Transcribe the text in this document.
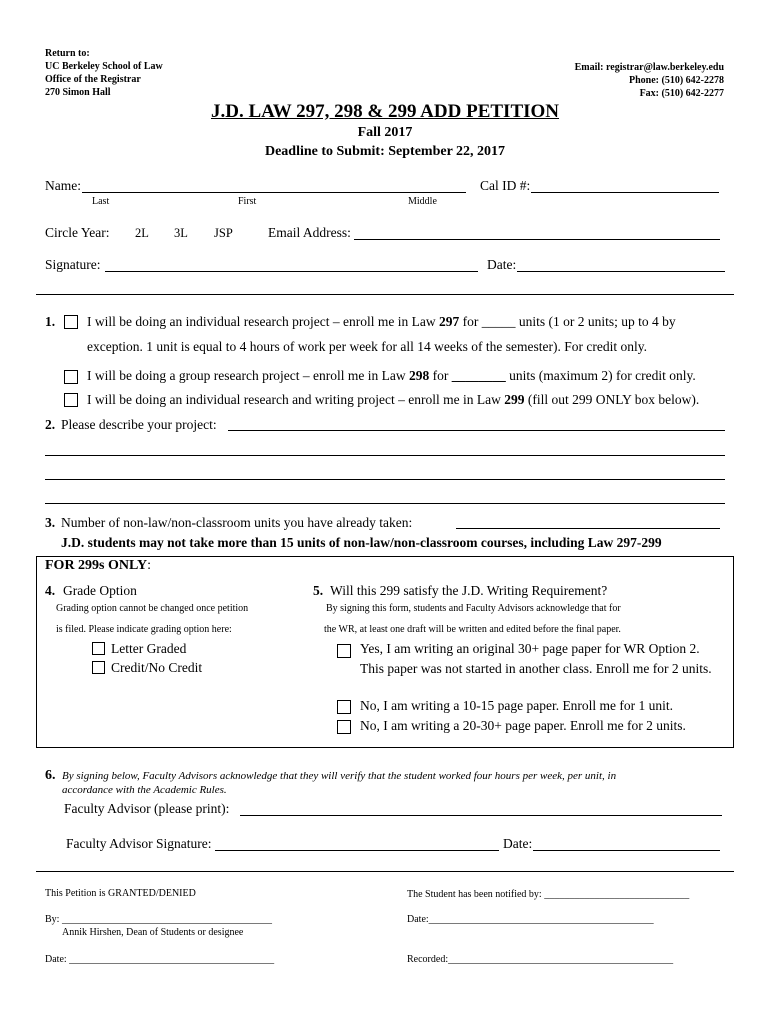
Return to:
UC Berkeley School of Law
Office of the Registrar
270 Simon Hall
Email: registrar@law.berkeley.edu
Phone: (510) 642-2278
Fax: (510) 642-2277
J.D. LAW 297, 298 & 299 ADD PETITION
Fall 2017
Deadline to Submit: September 22, 2017
Name:
Last	First	Middle
Cal ID #:
Circle Year: 2L 3L JSP	Email Address:
Signature:	Date:
1. I will be doing an individual research project – enroll me in Law 297 for _____ units (1 or 2 units; up to 4 by
exception. 1 unit is equal to 4 hours of work per week for all 14 weeks of the semester). For credit only.
I will be doing a group research project – enroll me in Law 298 for ________ units (maximum 2) for credit only.
I will be doing an individual research and writing project – enroll me in Law 299 (fill out 299 ONLY box below).
2. Please describe your project:
3. Number of non-law/non-classroom units you have already taken:
J.D. students may not take more than 15 units of non-law/non-classroom courses, including Law 297-299
FOR 299s ONLY:
4. Grade Option
Grading option cannot be changed once petition
is filed. Please indicate grading option here:
Letter Graded
Credit/No Credit
5. Will this 299 satisfy the J.D. Writing Requirement?
By signing this form, students and Faculty Advisors acknowledge that for
the WR, at least one draft will be written and edited before the final paper.
Yes, I am writing an original 30+ page paper for WR Option 2.
This paper was not started in another class. Enroll me for 2 units.
No, I am writing a 10-15 page paper. Enroll me for 1 unit.
No, I am writing a 20-30+ page paper. Enroll me for 2 units.
6. By signing below, Faculty Advisors acknowledge that they will verify that the student worked four hours per week, per unit, in
accordance with the Academic Rules.
Faculty Advisor (please print):
Faculty Advisor Signature:	Date:
This Petition is GRANTED/DENIED	The Student has been notified by: _____________________________
By: __________________________________________
Annik Hirshen, Dean of Students or designee
Date:_____________________________________________
Date: _________________________________________	Recorded:_____________________________________________
